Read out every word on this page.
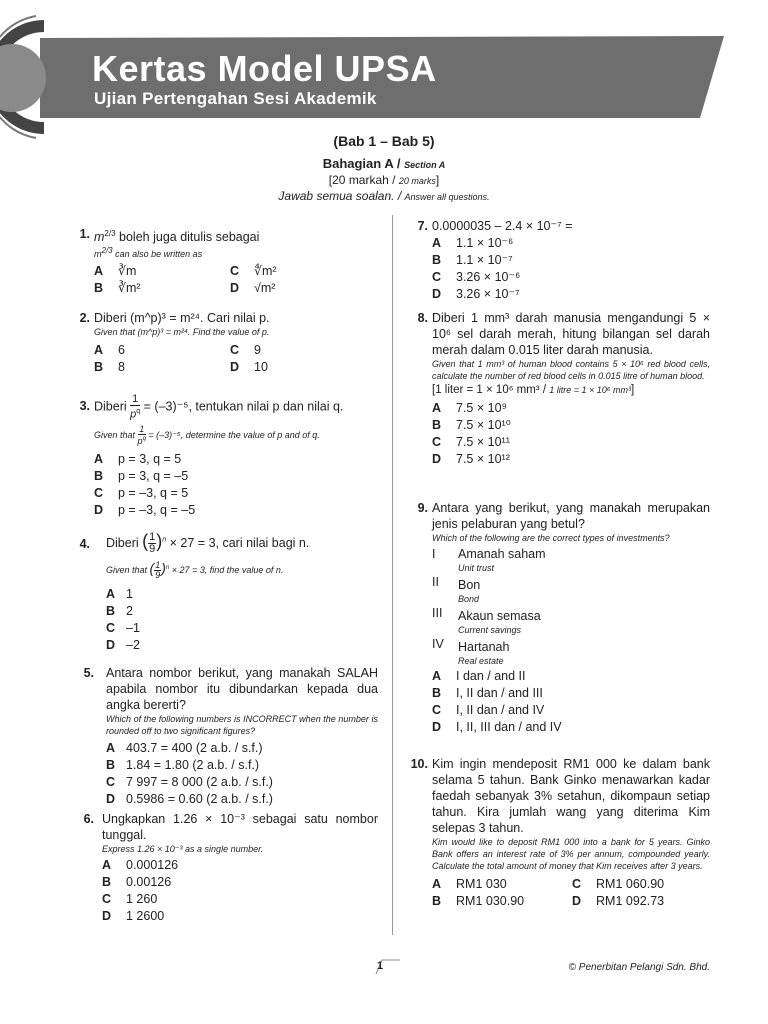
Kertas Model UPSA
Ujian Pertengahan Sesi Akademik
(Bab 1 – Bab 5)
Bahagian A / Section A
[20 markah / 20 marks]
Jawab semua soalan. / Answer all questions.
1. $m^{2/3}$ boleh juga ditulis sebagai
m2/3 can also be written as
A	∛m	C	∜m²
B	∛m²	D	√m²
2. Diberi (m^p)³ = m²⁴. Cari nilai p.
Given that (m^p)³ = m²⁴. Find the value of p.
A	6	C	9
B	8	D	10
3. Diberi $\frac{1}{p^q} = (-3)^{-5}$, tentukan nilai p dan nilai q.
Given that $\frac{1}{p^q} = (-3)^{-5}$, determine the value of p and of q.
A	p = 3, q = 5
B	p = 3, q = –5
C	p = –3, q = 5
D	p = –3, q = –5
4. Diberi ( $\frac{1}{9} )^n \times 27 = 3$, cari nilai bagi n.
Given that ( $\frac{1}{9} )^n \times 27 = 3$, find the value of n.
A 1
B 2
C –1
D –2
5. Antara nombor berikut, yang manakah SALAH apabila nombor itu dibundarkan kepada dua angka bererti?
Which of the following numbers is INCORRECT when the number is rounded off to two significant figures?
A 403.7 = 400 (2 a.b. / s.f.)
B 1.84 = 1.80 (2 a.b. / s.f.)
C 7 997 = 8 000 (2 a.b. / s.f.)
D 0.5986 = 0.60 (2 a.b. / s.f.)
6. Ungkapkan 1.26 × 10⁻³ sebagai satu nombor tunggal.
Express 1.26 × 10⁻³ as a single number.
A	0.000126
B	0.00126
C	1 260
D	1 2600
7. 0.0000035 – 2.4 × 10⁻⁷ =
A	1.1 × 10⁻⁶
B	1.1 × 10⁻⁷
C	3.26 × 10⁻⁶
D	3.26 × 10⁻⁷
8. Diberi 1 mm³ darah manusia mengandungi 5 × 10⁶ sel darah merah, hitung bilangan sel darah merah dalam 0.015 liter darah manusia.
Given that 1 mm³ of human blood contains 5 × 10⁶ red blood cells, calculate the number of red blood cells in 0.015 litre of human blood.
[1 liter = 1 × 10⁶ mm³ / 1 litre = 1 × 10⁶ mm³]
A	7.5 × 10⁹
B	7.5 × 10¹⁰
C	7.5 × 10¹¹
D	7.5 × 10¹²
9. Antara yang berikut, yang manakah merupakan jenis pelaburan yang betul?
Which of the following are the correct types of investments?
I	Amanah saham
Unit trust
II	Bon
Bond
III	Akaun semasa
Current savings
IV	Hartanah
Real estate
A	I dan / and II
B	I, II dan / and III
C	I, II dan / and IV
D	I, II, III dan / and IV
10. Kim ingin mendeposit RM1 000 ke dalam bank selama 5 tahun. Bank Ginko menawarkan kadar faedah sebanyak 3% setahun, dikompaun setiap tahun. Kira jumlah wang yang diterima Kim selepas 3 tahun.
Kim would like to deposit RM1 000 into a bank for 5 years. Ginko Bank offers an interest rate of 3% per annum, compounded yearly. Calculate the total amount of money that Kim receives after 3 years.
A	RM1 030	C	RM1 060.90
B	RM1 030.90	D	RM1 092.73
1	© Penerbitan Pelangi Sdn. Bhd.
